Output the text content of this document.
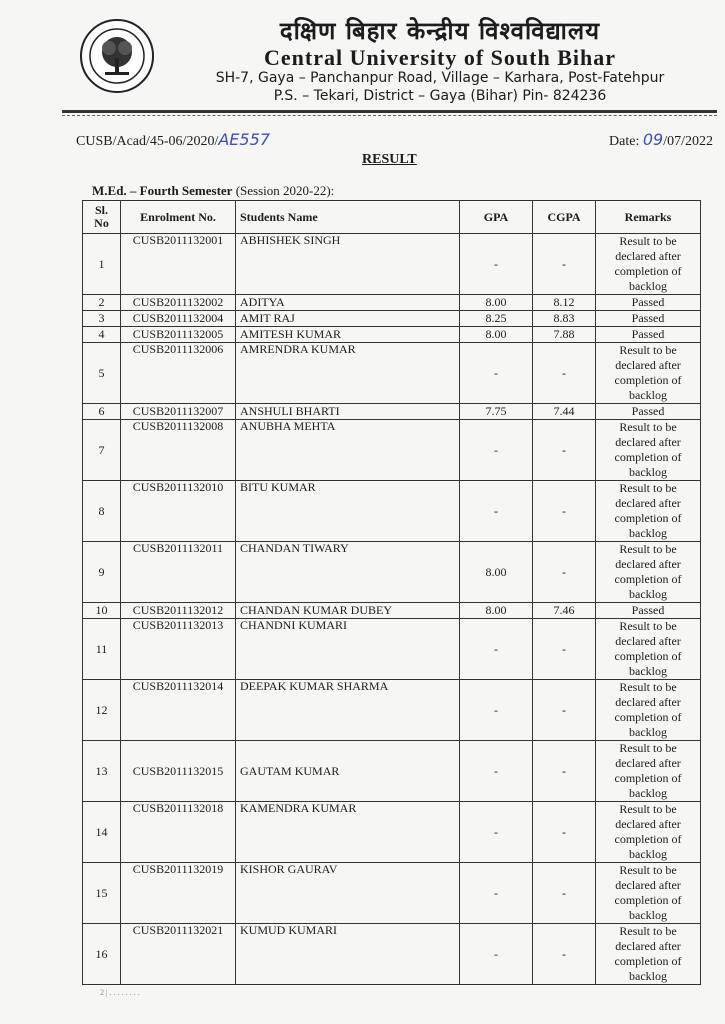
दक्षिण बिहार केन्द्रीय विश्वविद्यालय
Central University of South Bihar
SH-7, Gaya – Panchanpur Road, Village – Karhara, Post-Fatehpur
P.S. – Tekari, District – Gaya (Bihar) Pin- 824236
CUSB/Acad/45-06/2020/AE557	Date: 09/07/2022
RESULT
M.Ed. – Fourth Semester (Session 2020-22):
Sl. No	Enrolment No.	Students Name	GPA	CGPA	Remarks
1	CUSB2011132001	ABHISHEK SINGH	-	-	Result to be declared after completion of backlog
2	CUSB2011132002	ADITYA	8.00	8.12	Passed
3	CUSB2011132004	AMIT RAJ	8.25	8.83	Passed
4	CUSB2011132005	AMITESH KUMAR	8.00	7.88	Passed
5	CUSB2011132006	AMRENDRA KUMAR	-	-	Result to be declared after completion of backlog
6	CUSB2011132007	ANSHULI BHARTI	7.75	7.44	Passed
7	CUSB2011132008	ANUBHA MEHTA	-	-	Result to be declared after completion of backlog
8	CUSB2011132010	BITU KUMAR	-	-	Result to be declared after completion of backlog
9	CUSB2011132011	CHANDAN TIWARY	8.00	-	Result to be declared after completion of backlog
10	CUSB2011132012	CHANDAN KUMAR DUBEY	8.00	7.46	Passed
11	CUSB2011132013	CHANDNI KUMARI	-	-	Result to be declared after completion of backlog
12	CUSB2011132014	DEEPAK KUMAR SHARMA	-	-	Result to be declared after completion of backlog
13	CUSB2011132015	GAUTAM KUMAR	-	-	Result to be declared after completion of backlog
14	CUSB2011132018	KAMENDRA KUMAR	-	-	Result to be declared after completion of backlog
15	CUSB2011132019	KISHOR GAURAV	-	-	Result to be declared after completion of backlog
16	CUSB2011132021	KUMUD KUMARI	-	-	Result to be declared after completion of backlog
2|........
